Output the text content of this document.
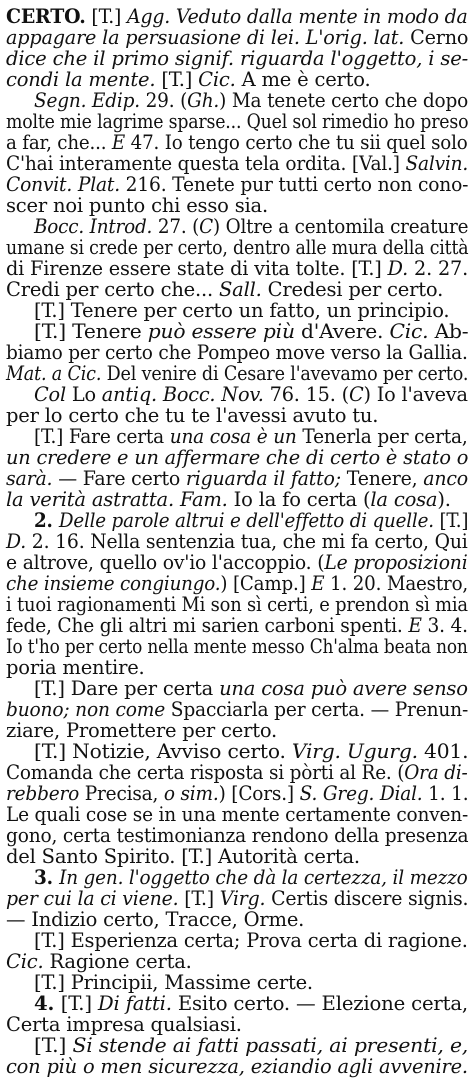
CERTO. [T.] Agg. Veduto dalla mente in modo da
appagare la persuasione di lei. L'orig. lat. Cerno
dice che il primo signif. riguarda l'oggetto, i se-
condi la mente. [T.] Cic. A me è certo.
Segn. Edip. 29. (Gh.) Ma tenete certo che dopo
molte mie lagrime sparse... Quel sol rimedio ho preso
a far, che... E 47. Io tengo certo che tu sii quel solo
C'hai interamente questa tela ordita. [Val.] Salvin.
Convit. Plat. 216. Tenete pur tutti certo non cono-
scer noi punto chi esso sia.
Bocc. Introd. 27. (C) Oltre a centomila creature
umane si crede per certo, dentro alle mura della città
di Firenze essere state di vita tolte. [T.] D. 2. 27.
Credi per certo che... Sall. Credesi per certo.
[T.] Tenere per certo un fatto, un principio.
[T.] Tenere può essere più d'Avere. Cic. Ab-
biamo per certo che Pompeo move verso la Gallia.
Mat. a Cic. Del venire di Cesare l'avevamo per certo.
Col Lo antiq. Bocc. Nov. 76. 15. (C) Io l'aveva
per lo certo che tu te l'avessi avuto tu.
[T.] Fare certa una cosa è un Tenerla per certa,
un credere e un affermare che di certo è stato o
sarà. — Fare certo riguarda il fatto; Tenere, anco
la verità astratta. Fam. Io la fo certa (la cosa).
2. Delle parole altrui e dell'effetto di quelle. [T.]
D. 2. 16. Nella sentenzia tua, che mi fa certo, Qui
e altrove, quello ov'io l'accoppio. (Le proposizioni
che insieme congiungo.) [Camp.] E 1. 20. Maestro,
i tuoi ragionamenti Mi son sì certi, e prendon sì mia
fede, Che gli altri mi sarien carboni spenti. E 3. 4.
Io t'ho per certo nella mente messo Ch'alma beata non
poria mentire.
[T.] Dare per certa una cosa può avere senso
buono; non come Spacciarla per certa. — Prenun-
ziare, Promettere per certo.
[T.] Notizie, Avviso certo. Virg. Ugurg. 401.
Comanda che certa risposta si pòrti al Re. (Ora di-
rebbero Precisa, o sim.) [Cors.] S. Greg. Dial. 1. 1.
Le quali cose se in una mente certamente conven-
gono, certa testimonianza rendono della presenza
del Santo Spirito. [T.] Autorità certa.
3. In gen. l'oggetto che dà la certezza, il mezzo
per cui la ci viene. [T.] Virg. Certis discere signis.
— Indizio certo, Tracce, Orme.
[T.] Esperienza certa; Prova certa di ragione.
Cic. Ragione certa.
[T.] Principii, Massime certe.
4. [T.] Di fatti. Esito certo. — Elezione certa,
Certa impresa qualsiasi.
[T.] Si stende ai fatti passati, ai presenti, e,
con più o men sicurezza, eziandio agli avvenire.
